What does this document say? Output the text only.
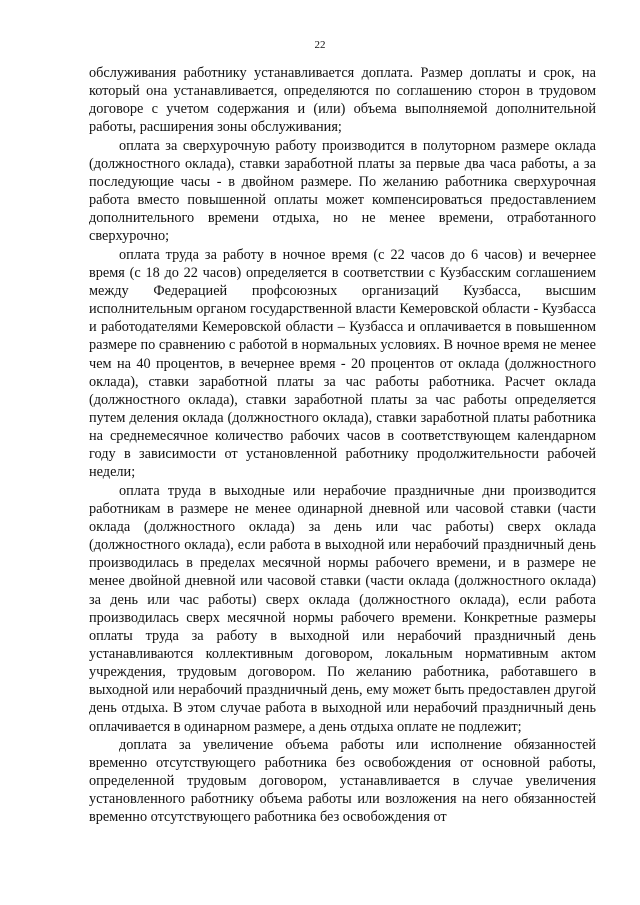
22

обслуживания работнику устанавливается доплата. Размер доплаты и срок, на который она устанавливается, определяются по соглашению сторон в трудовом договоре с учетом содержания и (или) объема выполняемой дополнительной работы, расширения зоны обслуживания;

оплата за сверхурочную работу производится в полуторном размере оклада (должностного оклада), ставки заработной платы за первые два часа работы, а за последующие часы - в двойном размере. По желанию работника сверхурочная работа вместо повышенной оплаты может компенсироваться предоставлением дополнительного времени отдыха, но не менее времени, отработанного сверхурочно;

оплата труда за работу в ночное время (с 22 часов до 6 часов) и вечернее время (с 18 до 22 часов) определяется в соответствии с Кузбасским соглашением между Федерацией профсоюзных организаций Кузбасса, высшим исполнительным органом государственной власти Кемеровской области - Кузбасса и работодателями Кемеровской области – Кузбасса и оплачивается в повышенном размере по сравнению с работой в нормальных условиях. В ночное время не менее чем на 40 процентов, в вечернее время - 20 процентов от оклада (должностного оклада), ставки заработной платы за час работы работника. Расчет оклада (должностного оклада), ставки заработной платы за час работы определяется путем деления оклада (должностного оклада), ставки заработной платы работника на среднемесячное количество рабочих часов в соответствующем календарном году в зависимости от установленной работнику продолжительности рабочей недели;

оплата труда в выходные или нерабочие праздничные дни производится работникам в размере не менее одинарной дневной или часовой ставки (части оклада (должностного оклада) за день или час работы) сверх оклада (должностного оклада), если работа в выходной или нерабочий праздничный день производилась в пределах месячной нормы рабочего времени, и в размере не менее двойной дневной или часовой ставки (части оклада (должностного оклада) за день или час работы) сверх оклада (должностного оклада), если работа производилась сверх месячной нормы рабочего времени. Конкретные размеры оплаты труда за работу в выходной или нерабочий праздничный день устанавливаются коллективным договором, локальным нормативным актом учреждения, трудовым договором. По желанию работника, работавшего в выходной или нерабочий праздничный день, ему может быть предоставлен другой день отдыха. В этом случае работа в выходной или нерабочий праздничный день оплачивается в одинарном размере, а день отдыха оплате не подлежит;

доплата за увеличение объема работы или исполнение обязанностей временно отсутствующего работника без освобождения от основной работы, определенной трудовым договором, устанавливается в случае увеличения установленного работнику объема работы или возложения на него обязанностей временно отсутствующего работника без освобождения от
